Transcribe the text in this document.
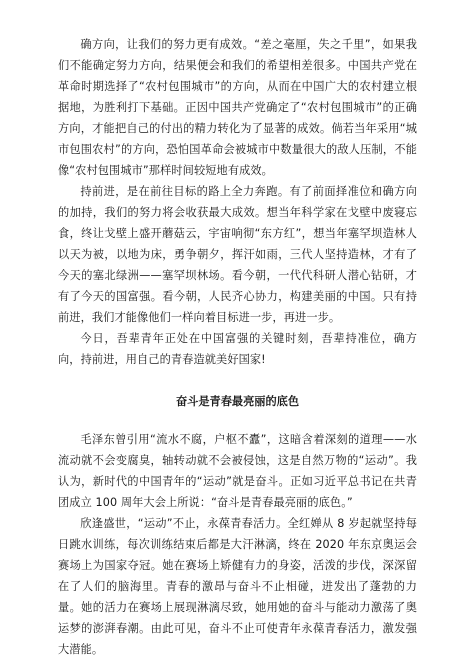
确方向，让我们的努力更有成效。“差之毫厘，失之千里”，如果我们不能确定努力方向，结果便会和我们的希望相差很多。中国共产党在革命时期选择了“农村包围城市”的方向，从而在中国广大的农村建立根据地，为胜利打下基础。正因中国共产党确定了“农村包围城市”的正确方向，才能把自己的付出的精力转化为了显著的成效。倘若当年采用“城市包围农村”的方向，恐怕国革命会被城市中数量很大的敌人压制，不能像“农村包围城市”那样时间较短地有成效。

持前进，是在前往目标的路上全力奔跑。有了前面择准位和确方向的加持，我们的努力将会收获最大成效。想当年科学家在戈壁中废寝忘食，终让戈壁上盛开蘑菇云，宇宙响彻“东方红”，想当年塞罕坝造林人以天为被，以地为床，勇争朝夕，挥汗如雨，三代人坚持造林，才有了今天的塞北绿洲——塞罕坝林场。看今朝，一代代科研人潜心钻研，才有了今天的国富强。看今朝，人民齐心协力，构建美丽的中国。只有持前进，我们才能像他们一样向着目标进一步，再进一步。

今日，吾辈青年正处在中国富强的关键时刻，吾辈持准位，确方向，持前进，用自己的青春造就美好国家!

奋斗是青春最亮丽的底色

毛泽东曾引用“流水不腐，户枢不蠹”，这暗含着深刻的道理——水流动就不会变腐臭，轴转动就不会被侵蚀，这是自然万物的“运动”。我认为，新时代的中国青年的“运动”就是奋斗。正如习近平总书记在共青团成立 100 周年大会上所说：“奋斗是青春最亮丽的底色。”

欣逢盛世，“运动”不止，永葆青春活力。全红婵从 8 岁起就坚持每日跳水训练，每次训练结束后都是大汗淋漓，终在 2020 年东京奥运会赛场上为国家夺冠。她在赛场上矫健有力的身姿，活泼的步伐，深深留在了人们的脑海里。青春的激昂与奋斗不止相碰，进发出了蓬勃的力量。她的活力在赛场上展现淋漓尽致，她用她的奋斗与能动力激荡了奥运梦的澎湃春潮。由此可见，奋斗不止可使青年永葆青春活力，激发强大潜能。
